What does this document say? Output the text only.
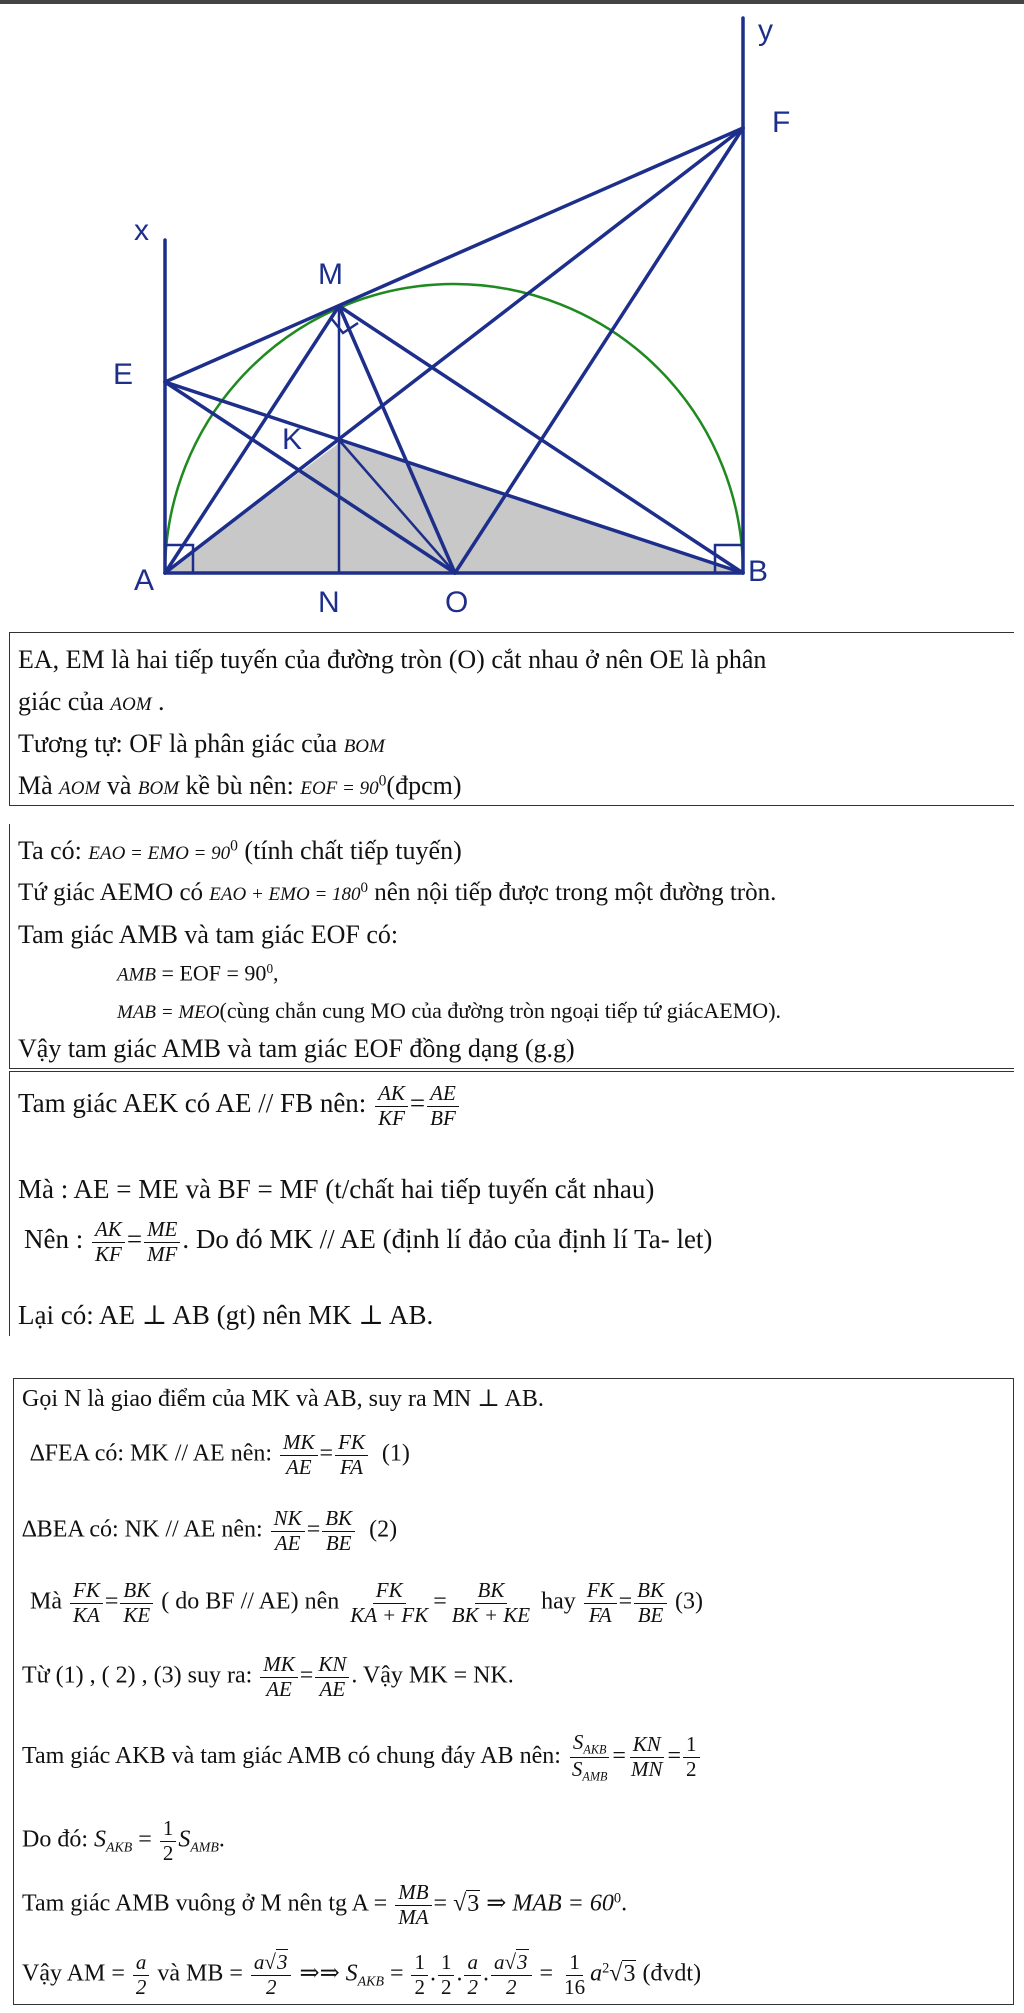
y
F
x
M
E
K
A
N	O
B
EA, EM là hai tiếp tuyến của đường tròn (O) cắt nhau ở nên OE là phân
giác của AOM .
Tương tự: OF là phân giác của BOM
Mà AOM và BOM kề bù nên: EOF = $90^0(đpcm)$
Ta có: EAO = EMO = $90^0$ (tính chất tiếp tuyến)
Tứ giác AEMO có EAO + EMO = $180^0$ nên nội tiếp được trong một đường tròn.
Tam giác AMB và tam giác EOF có:
AMB = EOF = $90^0$,
MAB = MEO(cùng chắn cung MO của đường tròn ngoại tiếp tứ giácAEMO).
Vậy tam giác AMB và tam giác EOF đồng dạng (g.g)
Tam giác AEK có AE // FB nên: $\frac{AK}{KF} = \frac{AE}{BF}$
Mà : AE = ME và BF = MF (t/chất hai tiếp tuyến cắt nhau)
Nên : $\frac{AK}{KF} = \frac{ME}{MF}$ . Do đó MK // AE (định lí đảo của định lí Ta- let)
Lại có: AE ⊥ AB (gt) nên MK ⊥ AB.
Gọi N là giao điểm của MK và AB, suy ra MN ⊥ AB.
∆FEA có: MK // AE nên: $\frac{MK}{AE} = \frac{FK}{FA} (1)$
∆BEA có: NK // AE nên: $\frac{NK}{AE} = \frac{BK}{BE} (2)$
Mà $\frac{FK}{KA} = \frac{BK}{KE}$ ( do BF // AE) nên $\frac{FK}{KA + FK} = \frac{BK}{BK + KE}$ hay $\frac{FK}{FA} = \frac{BK}{BE} (3)$
Từ (1) , ( 2) , (3) suy ra: $\frac{MK}{AE} = \frac{KN}{AE}$ . Vậy MK = NK.
Tam giác AKB và tam giác AMB có chung đáy AB nên:
$S_{AKB}$
$S_{AMB}$
= $\frac{KN}{MN} = \frac{1}{2}$
Do đó: $S_{AKB} = \frac{1}{2} S_{AMB}$.
Tam giác AMB vuông ở M nên tg $A = \frac{MB}{MA} = √3$ ⇒ MAB = $60^0$.
Vậy AM = $\frac{a}{2}$ và MB = $\frac{a√3}{2}$ ⇒⇒ $S_{AKB} = \frac{1}{2}$ . $\frac{1}{2}$ . $\frac{a}{2}$ . $\frac{a√3}{2} = \frac{1}{16} a^2√3$ (đvdt)
